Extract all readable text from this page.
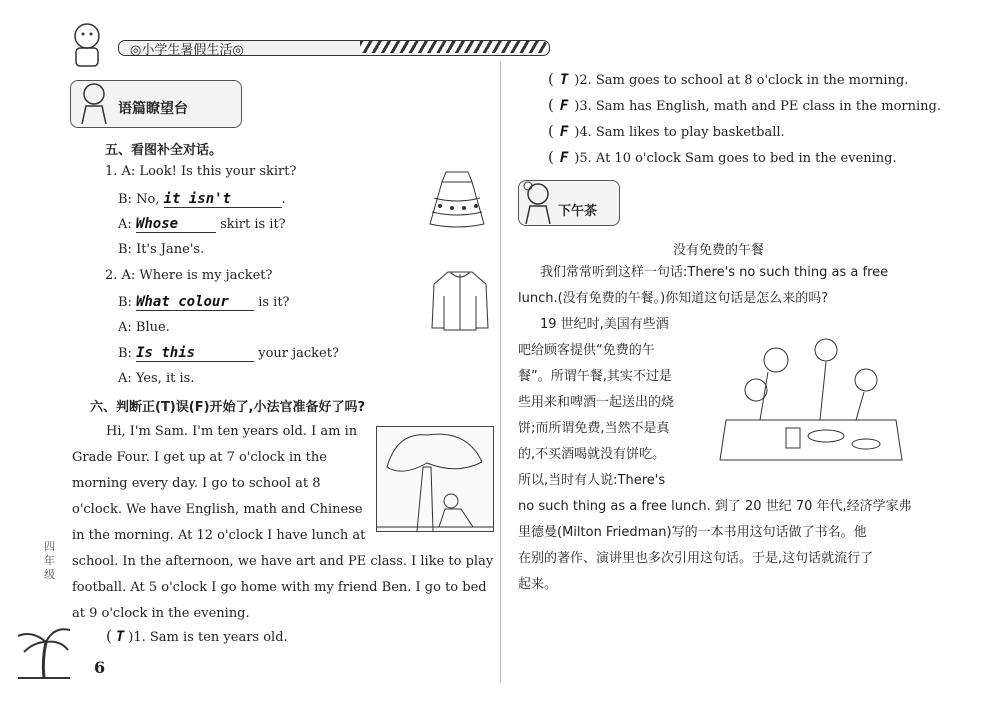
◎小学生暑假生活◎
语篇瞭望台
五、看图补全对话。
1. A: Look! Is this your skirt?
B: No, it isn't	.
A: Whose	skirt is it?
B: It's Jane's.
2. A: Where is my jacket?
B: What colour is it?
A: Blue.
B: Is this	your jacket?
A: Yes, it is.
六、判断正(T)误(F)开始了,小法官准备好了吗?
Hi, I'm Sam. I'm ten years old. I am in
Grade Four. I get up at 7 o'clock in the
morning every day. I go to school at 8
o'clock. We have English, math and Chinese
in the morning. At 12 o'clock I have lunch at
school. In the afternoon, we have art and PE class. I like to play
football. At 5 o'clock I go home with my friend Ben. I go to bed
at 9 o'clock in the evening.
( T )1. Sam is ten years old.
四年级
6
( T )2. Sam goes to school at 8 o'clock in the morning.
( F )3. Sam has English, math and PE class in the morning.
( F )4. Sam likes to play basketball.
( F )5. At 10 o'clock Sam goes to bed in the evening.
下午茶
没有免费的午餐
我们常常听到这样一句话:There's no such thing as a free
lunch.(没有免费的午餐。)你知道这句话是怎么来的吗?
19 世纪时,美国有些酒
吧给顾客提供“免费的午
餐”。所谓午餐,其实不过是
些用来和啤酒一起送出的烧
饼;而所谓免费,当然不是真
的,不买酒喝就没有饼吃。
所以,当时有人说:There's
no such thing as a free lunch. 到了 20 世纪 70 年代,经济学家弗
里德曼(Milton Friedman)写的一本书用这句话做了书名。他
在别的著作、演讲里也多次引用这句话。于是,这句话就流行了
起来。
